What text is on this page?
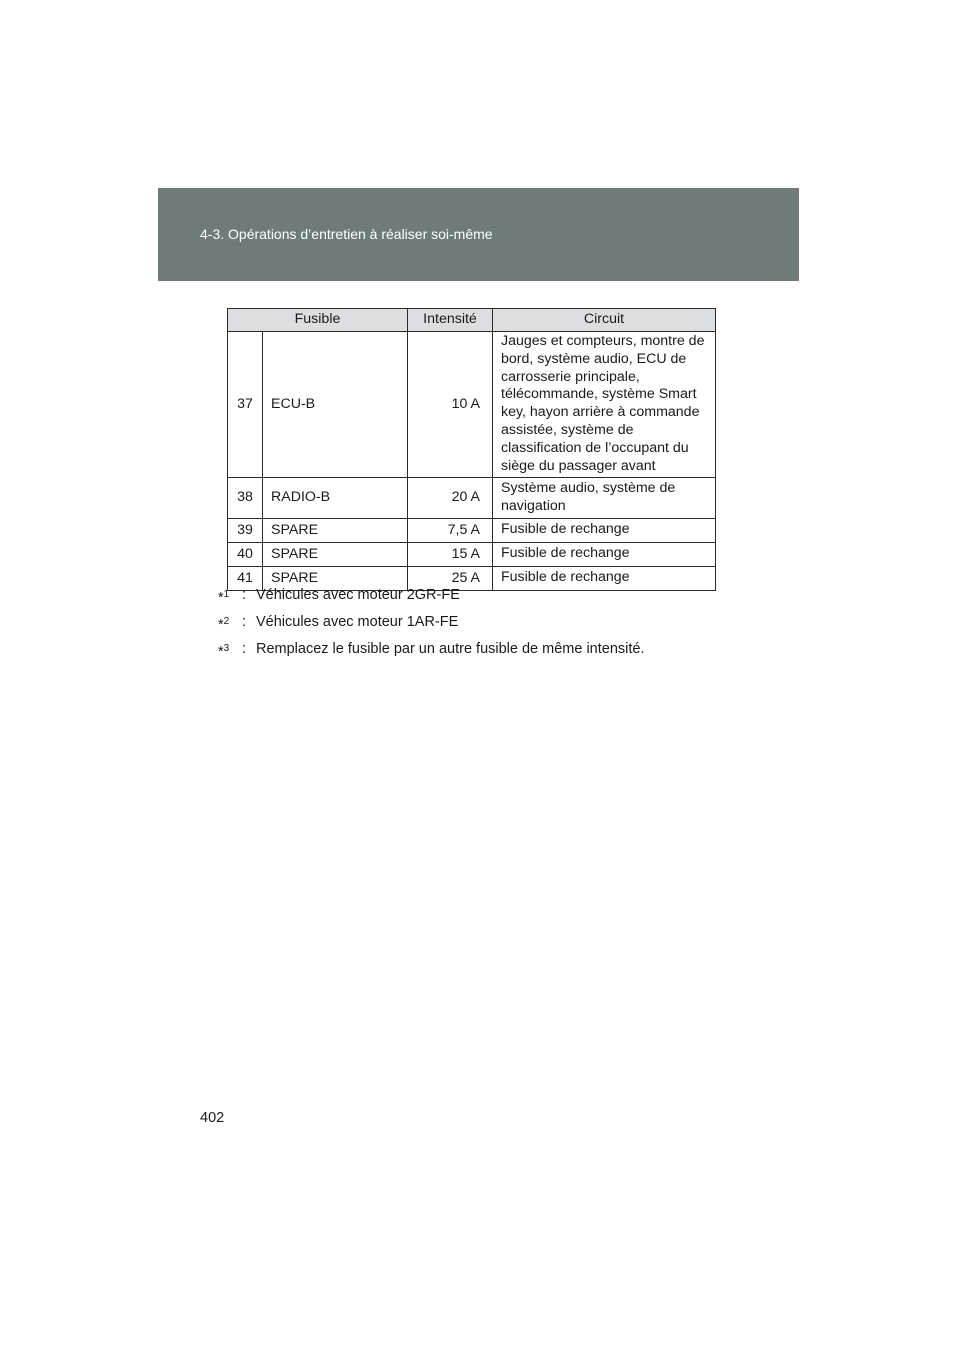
4-3. Opérations d’entretien à réaliser soi-même
Fusible		Intensité	Circuit
37	ECU-B	10 A	Jauges et compteurs, montre de bord, système audio, ECU de carrosserie principale, télécommande, système Smart key, hayon arrière à commande assistée, système de classification de l’occupant du siège du passager avant
38	RADIO-B	20 A	Système audio, système de navigation
39	SPARE	7,5 A	Fusible de rechange
40	SPARE	15 A	Fusible de rechange
41	SPARE	25 A	Fusible de rechange
*$^1$ : Véhicules avec moteur 2GR-FE
*$^2$ : Véhicules avec moteur 1AR-FE
*$^3$ : Remplacez le fusible par un autre fusible de même intensité.
402
